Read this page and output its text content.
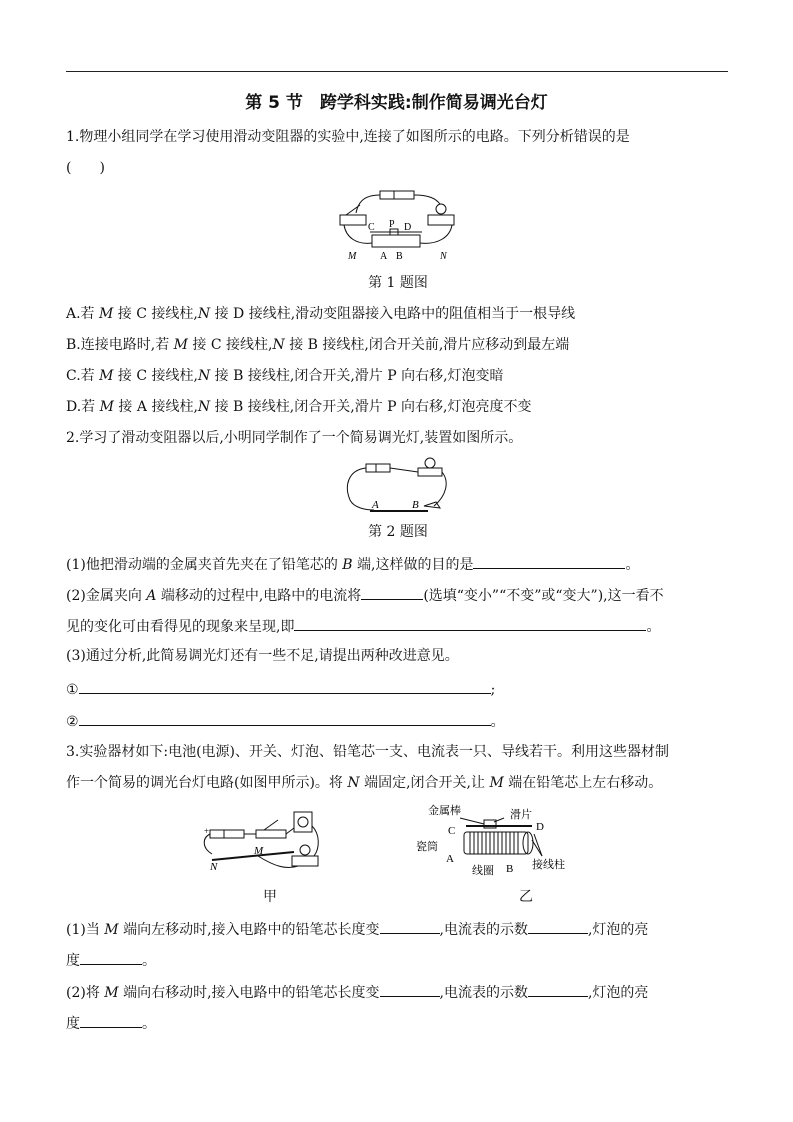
第 5 节　跨学科实践:制作简易调光台灯
1.物理小组同学在学习使用滑动变阻器的实验中,连接了如图所示的电路。下列分析错误的是
(　　)
C P D
A B
M	N
第 1 题图
A.若 M 接 C 接线柱,N 接 D 接线柱,滑动变阻器接入电路中的阻值相当于一根导线
B.连接电路时,若 M 接 C 接线柱,N 接 B 接线柱,闭合开关前,滑片应移动到最左端
C.若 M 接 C 接线柱,N 接 B 接线柱,闭合开关,滑片 P 向右移,灯泡变暗
D.若 M 接 A 接线柱,N 接 B 接线柱,闭合开关,滑片 P 向右移,灯泡亮度不变
2.学习了滑动变阻器以后,小明同学制作了一个简易调光灯,装置如图所示。
A	B
第 2 题图
(1)他把滑动端的金属夹首先夹在了铅笔芯的 B 端,这样做的目的是	。
(2)金属夹向 A 端移动的过程中,电路中的电流将	(选填“变小”“不变”或“变大”),这一看不
见的变化可由看得见的现象来呈现,即	。
(3)通过分析,此简易调光灯还有一些不足,请提出两种改进意见。
①	;
②	。
3.实验器材如下:电池(电源)、开关、灯泡、铅笔芯一支、电流表一只、导线若干。利用这些器材制
作一个简易的调光台灯电路(如图甲所示)。将 N 端固定,闭合开关,让 M 端在铅笔芯上左右移动。
+
N
M
金属棒	滑片
C	D
瓷筒
A
线圈 B 接线柱
甲	乙
(1)当 M 端向左移动时,接入电路中的铅笔芯长度变	,电流表的示数	,灯泡的亮
度	。
(2)将 M 端向右移动时,接入电路中的铅笔芯长度变	,电流表的示数	,灯泡的亮
度	。
